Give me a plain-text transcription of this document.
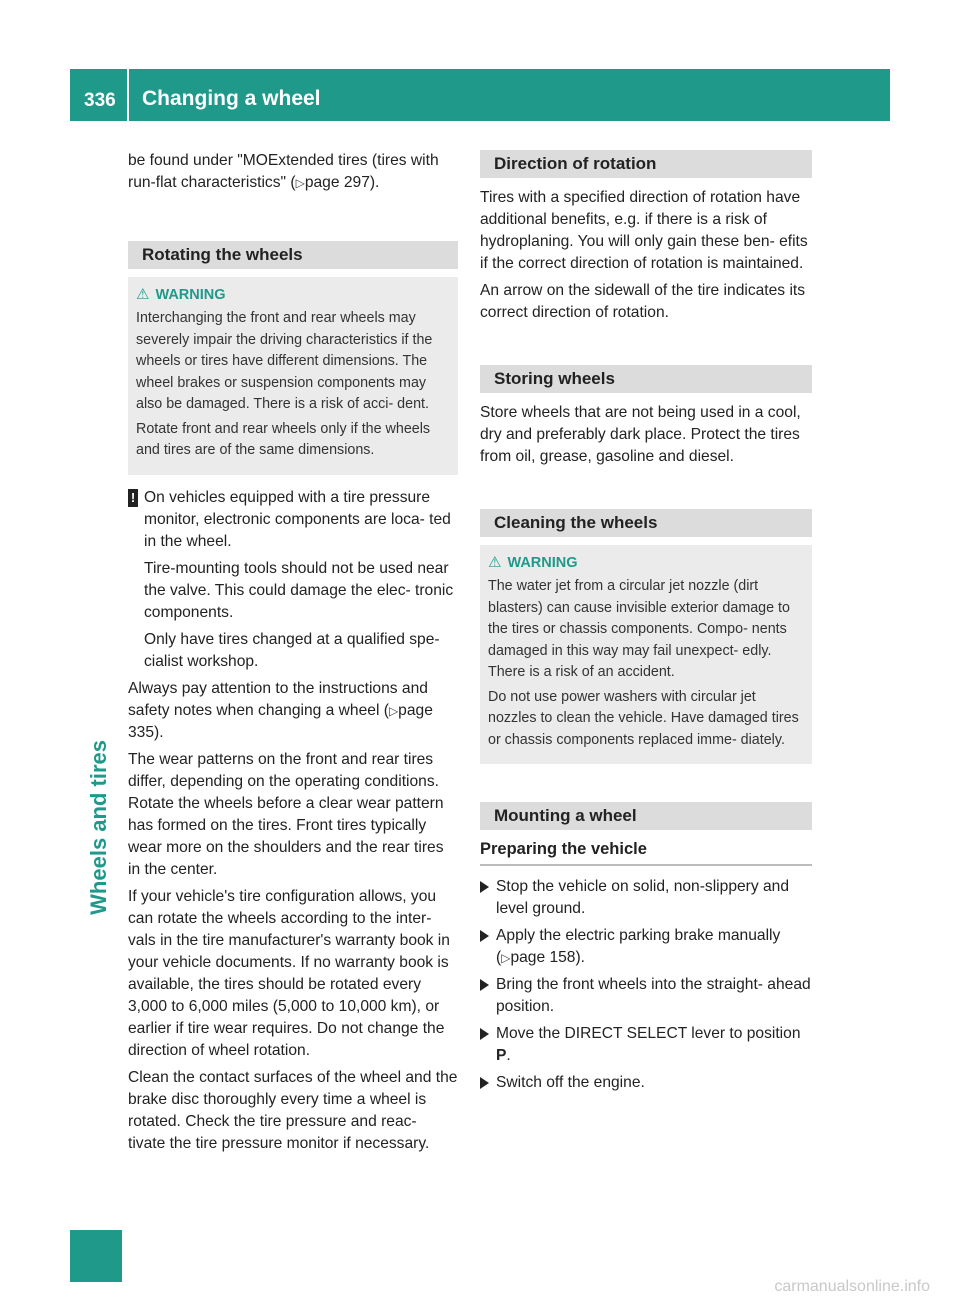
336	Changing a wheel
Wheels and tires

be found under "MOExtended tires (tires with run-flat characteristics" (▷page 297).

Rotating the wheels
⚠ WARNING

Interchanging the front and rear wheels may severely impair the driving characteristics if the wheels or tires have different dimensions. The wheel brakes or suspension components may also be damaged. There is a risk of acci- dent.

Rotate front and rear wheels only if the wheels and tires are of the same dimensions.

! On vehicles equipped with a tire pressure monitor, electronic components are loca- ted in the wheel.

Tire-mounting tools should not be used near the valve. This could damage the elec- tronic components.

Only have tires changed at a qualified spe- cialist workshop.

Always pay attention to the instructions and safety notes when changing a wheel (▷page 335).

The wear patterns on the front and rear tires differ, depending on the operating conditions. Rotate the wheels before a clear wear pattern has formed on the tires. Front tires typically wear more on the shoulders and the rear tires in the center.

If your vehicle's tire configuration allows, you can rotate the wheels according to the inter- vals in the tire manufacturer's warranty book in your vehicle documents. If no warranty book is available, the tires should be rotated every 3,000 to 6,000 miles (5,000 to 10,000 km), or earlier if tire wear requires. Do not change the direction of wheel rotation.

Clean the contact surfaces of the wheel and the brake disc thoroughly every time a wheel is rotated. Check the tire pressure and reac- tivate the tire pressure monitor if necessary.

Direction of rotation

Tires with a specified direction of rotation have additional benefits, e.g. if there is a risk of hydroplaning. You will only gain these ben- efits if the correct direction of rotation is maintained.

An arrow on the sidewall of the tire indicates its correct direction of rotation.

Storing wheels

Store wheels that are not being used in a cool, dry and preferably dark place. Protect the tires from oil, grease, gasoline and diesel.

Cleaning the wheels
⚠ WARNING

The water jet from a circular jet nozzle (dirt blasters) can cause invisible exterior damage to the tires or chassis components. Compo- nents damaged in this way may fail unexpect- edly. There is a risk of an accident.

Do not use power washers with circular jet nozzles to clean the vehicle. Have damaged tires or chassis components replaced imme- diately.

Mounting a wheel
Preparing the vehicle

Stop the vehicle on solid, non-slippery and level ground.

Apply the electric parking brake manually (▷page 158).

Bring the front wheels into the straight- ahead position.

Move the DIRECT SELECT lever to position P.

Switch off the engine.

carmanualsonline.info
